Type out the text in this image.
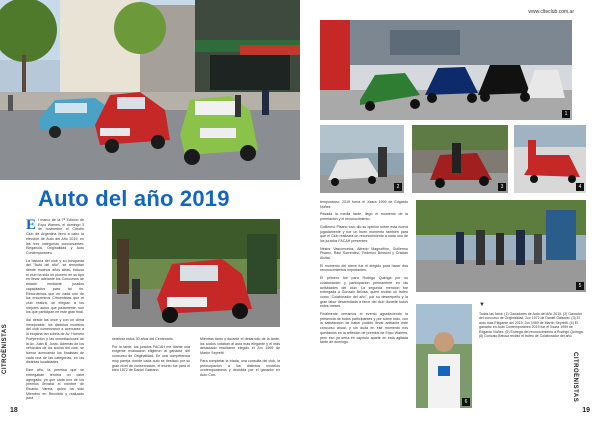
Auto del año 2019

El marco de la 7ª Edición de Expo Warnes, el domingo 3 de noviembre el Citroën Club de Argentina llevó a cabo la elección de Auto del Año 2019, en las tres categorías concursantes: Elegancia, Originalidad y Auto Contemporáneo.

La historia del club y su búsqueda del "Auto del año", se remontan desde muchos años atrás, incluso el club ha sido un pionero en su tipo en llevar adelante los Concursos de estado mediante jurados capacitados para tal fin. Recordemos que en cada uno de los encuentros Citroenistas que el club realiza, se elegían a los mejores autos que justamente, son los que participan en este gran final.

Así desde las once y con un clima inmejorable, los distintos modelos del club comenzaron a acercarse a la esquina tan sobria de Av. Honorio Pueyrredón y las inmediaciones de la Av. Juan B. Justo. Además de los vehículos de los socios del club, se fueron acercando los finalistas de cada una de las categorías, en las distintas localidades.

Este año, la premisa que se entregaban tendría un valor agregado, ya que cada uno de los premios llevaba el nombre de Ricardo Varela, quien ha sido Miembro en Recoleta y realizado para

celebrar estos 30 años del Centenario.

Por la tarde, los jurados FACAH me diante una exigente evaluación eligieron al ganador del concurso de Originalidad. En una competencia muy pareja, donde cada auto se destacó por su gran nivel de conservación, el triunfo fue para el bleu 1972 de Daniel Galeano.

Mientras tanto y durante el desarrollo de la tarde, los socios votaban al auto más elegante y el más destacado resultaron elegido el 2cv 1969 de Martín Sepretti.

Para completar la tríada, una consulta del club, la preocupación a los distintos modelos contemporáneos y decidida por el ganador en Auto Con-

CITROËNISTAS
18
www.clteclub.com.ar
1
2	3	4

temporáneo: 2019 fuera el Xsara 1999 de Edgardo Núñez.

Pasada la media tarde, llegó el momento de la premiación y el reconocimiento.

Guillermo Pisano tuvo dio su opinión sobre esta nueva jugadamente y fue un buen momento también para que el Club realizara un reconocimiento a cada uno de los jurados FACAH presentes:

Néstor Vasconcelos, Alfredo Magnolfino, Guillermo Pisano, Raúl Sorrentino, Federico Brissoni y Cristian Alvital.

El momento del cierre fue el elegido para hacer dos reconocimientos importantes.

El primero fue para Rodrigo Quiroga por su colaboración y participación permanente en las actividades del club. La segunda mención fue entregada a Gonzalo Belusa, quien recibió un trofeo como "Colaborador del año", por su desempeño y la gran labor desarrollada a favor del club durante todos estos meses.

Finalmente cerramos el evento agradeciendo la presencia de todos participantes y por sobre todo, con la satisfacción de haber podido llevar adelante este concurso anual, y sin duda en ese momento nos quedamos en la reflexión de premios de Expo Warnes, pero eso ya sería en capítulo aparte en esta agitada tarde de domingo.

5
6	CITROËNISTAS
19
▼
Todas las fotos: (1) Ganadores de Auto del Año 2019. (2) Ganador del concurso de Originalidad, 2cv 1972 de Daniel Galeano. (3) El auto más Elegante del 2019, 2cv 1969 de Martín Sepretti. (4) El ganador en Auto Contemporáneo 2019 fue el Xsara 1999 de Edgardo Núñez. (5) Entrega del reconocimiento a Rodrigo Quiroga. (6) Gonzalo Belusa recibió el trofeo de Colaborador del año.
